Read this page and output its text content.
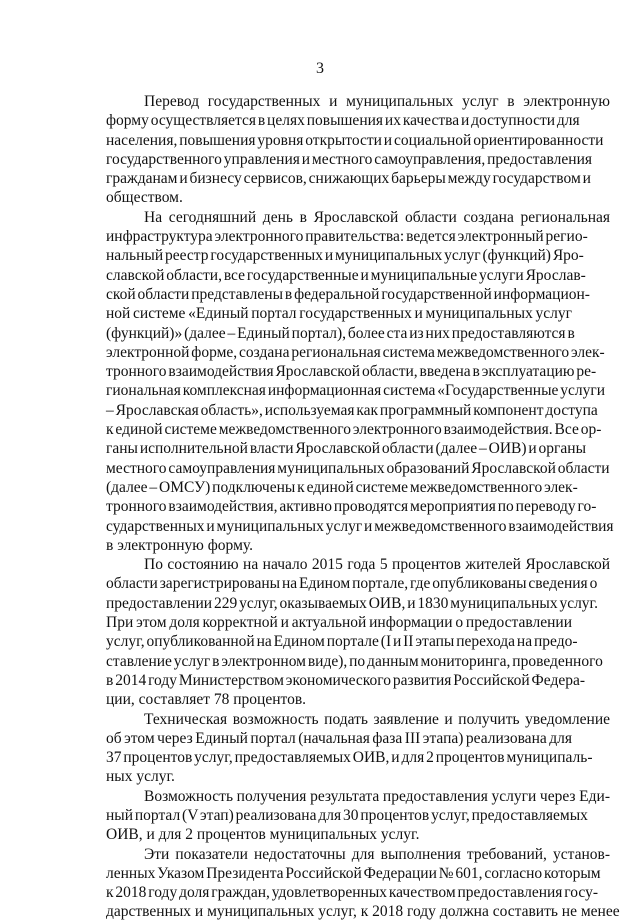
3

Перевод государственных и муниципальных услуг в электронную
форму осуществляется в целях повышения их качества и доступности для
населения, повышения уровня открытости и социальной ориентированности
государственного управления и местного самоуправления, предоставления
гражданам и бизнесу сервисов, снижающих барьеры между государством и
обществом.

На сегодняшний день в Ярославской области создана региональная
инфраструктура электронного правительства: ведется электронный регио-
нальный реестр государственных и муниципальных услуг (функций) Яро-
славской области, все государственные и муниципальные услуги Ярослав-
ской области представлены в федеральной государственной информацион-
ной системе «Единый портал государственных и муниципальных услуг
(функций)» (далее – Единый портал), более ста из них предоставляются в
электронной форме, создана региональная система межведомственного элек-
тронного взаимодействия Ярославской области, введена в эксплуатацию ре-
гиональная комплексная информационная система «Государственные услуги
– Ярославская область», используемая как программный компонент доступа
к единой системе межведомственного электронного взаимодействия. Все ор-
ганы исполнительной власти Ярославской области (далее – ОИВ) и органы
местного самоуправления муниципальных образований Ярославской области
(далее – ОМСУ) подключены к единой системе межведомственного элек-
тронного взаимодействия, активно проводятся мероприятия по переводу го-
сударственных и муниципальных услуг и межведомственного взаимодействия
в электронную форму.

По состоянию на начало 2015 года 5 процентов жителей Ярославской
области зарегистрированы на Едином портале, где опубликованы сведения о
предоставлении 229 услуг, оказываемых ОИВ, и 1830 муниципальных услуг.
При этом доля корректной и актуальной информации о предоставлении
услуг, опубликованной на Едином портале (I и II этапы перехода на предо-
ставление услуг в электронном виде), по данным мониторинга, проведенного
в 2014 году Министерством экономического развития Российской Федера-
ции, составляет 78 процентов.

Техническая возможность подать заявление и получить уведомление
об этом через Единый портал (начальная фаза III этапа) реализована для
37 процентов услуг, предоставляемых ОИВ, и для 2 процентов муниципаль-
ных услуг.

Возможность получения результата предоставления услуги через Еди-
ный портал (V этап) реализована для 30 процентов услуг, предоставляемых
ОИВ, и для 2 процентов муниципальных услуг.

Эти показатели недостаточны для выполнения требований, установ-
ленных Указом Президента Российской Федерации № 601, согласно которым
к 2018 году доля граждан, удовлетворенных качеством предоставления госу-
дарственных и муниципальных услуг, к 2018 году должна составить не менее
